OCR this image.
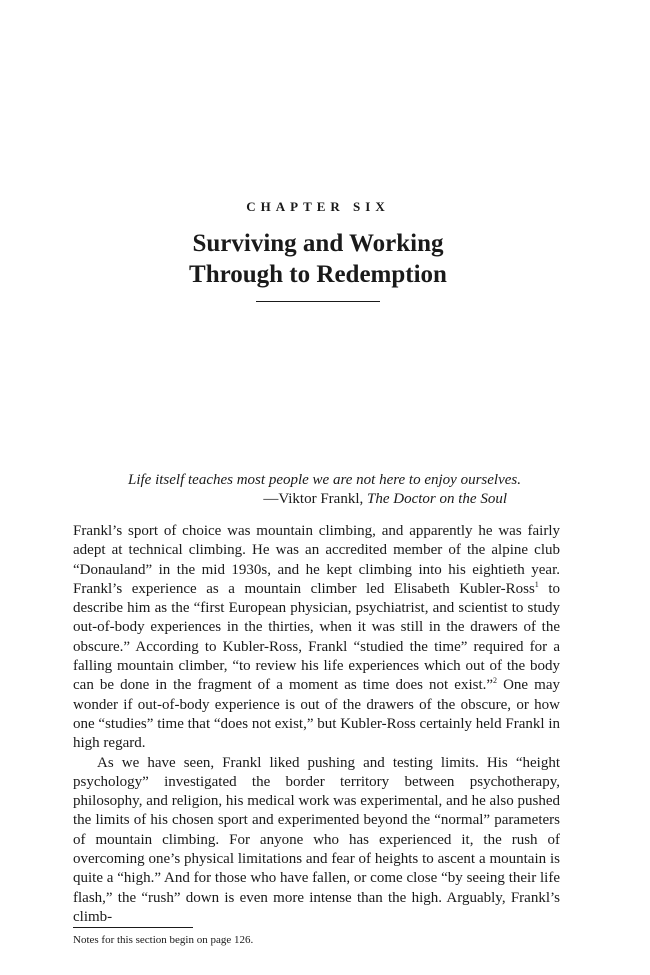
CHAPTER SIX
Surviving and Working
Through to Redemption
Life itself teaches most people we are not here to enjoy ourselves.
—Viktor Frankl, The Doctor on the Soul

Frankl’s sport of choice was mountain climbing, and apparently he was fairly adept at technical climbing. He was an accredited member of the alpine club “Donauland” in the mid 1930s, and he kept climbing into his eightieth year. Frankl’s experience as a mountain climber led Elisabeth Kubler-Ross$^1$ to describe him as the “first European physician, psychiatrist, and scientist to study out-of-body experiences in the thirties, when it was still in the drawers of the obscure.” According to Kubler-Ross, Frankl “studied the time” required for a falling mountain climber, “to review his life experiences which out of the body can be done in the fragment of a moment as time does not exist.”$^2$ One may wonder if out-of-body experience is out of the drawers of the obscure, or how one “studies” time that “does not exist,” but Kubler-Ross certainly held Frankl in high regard.

As we have seen, Frankl liked pushing and testing limits. His “height psychology” investigated the border territory between psychotherapy, philosophy, and religion, his medical work was experimental, and he also pushed the limits of his chosen sport and experimented beyond the “normal” parameters of mountain climbing. For anyone who has experienced it, the rush of overcoming one’s physical limitations and fear of heights to ascent a mountain is quite a “high.” And for those who have fallen, or come close “by seeing their life flash,” the “rush” down is even more intense than the high. Arguably, Frankl’s climb-

Notes for this section begin on page 126.
